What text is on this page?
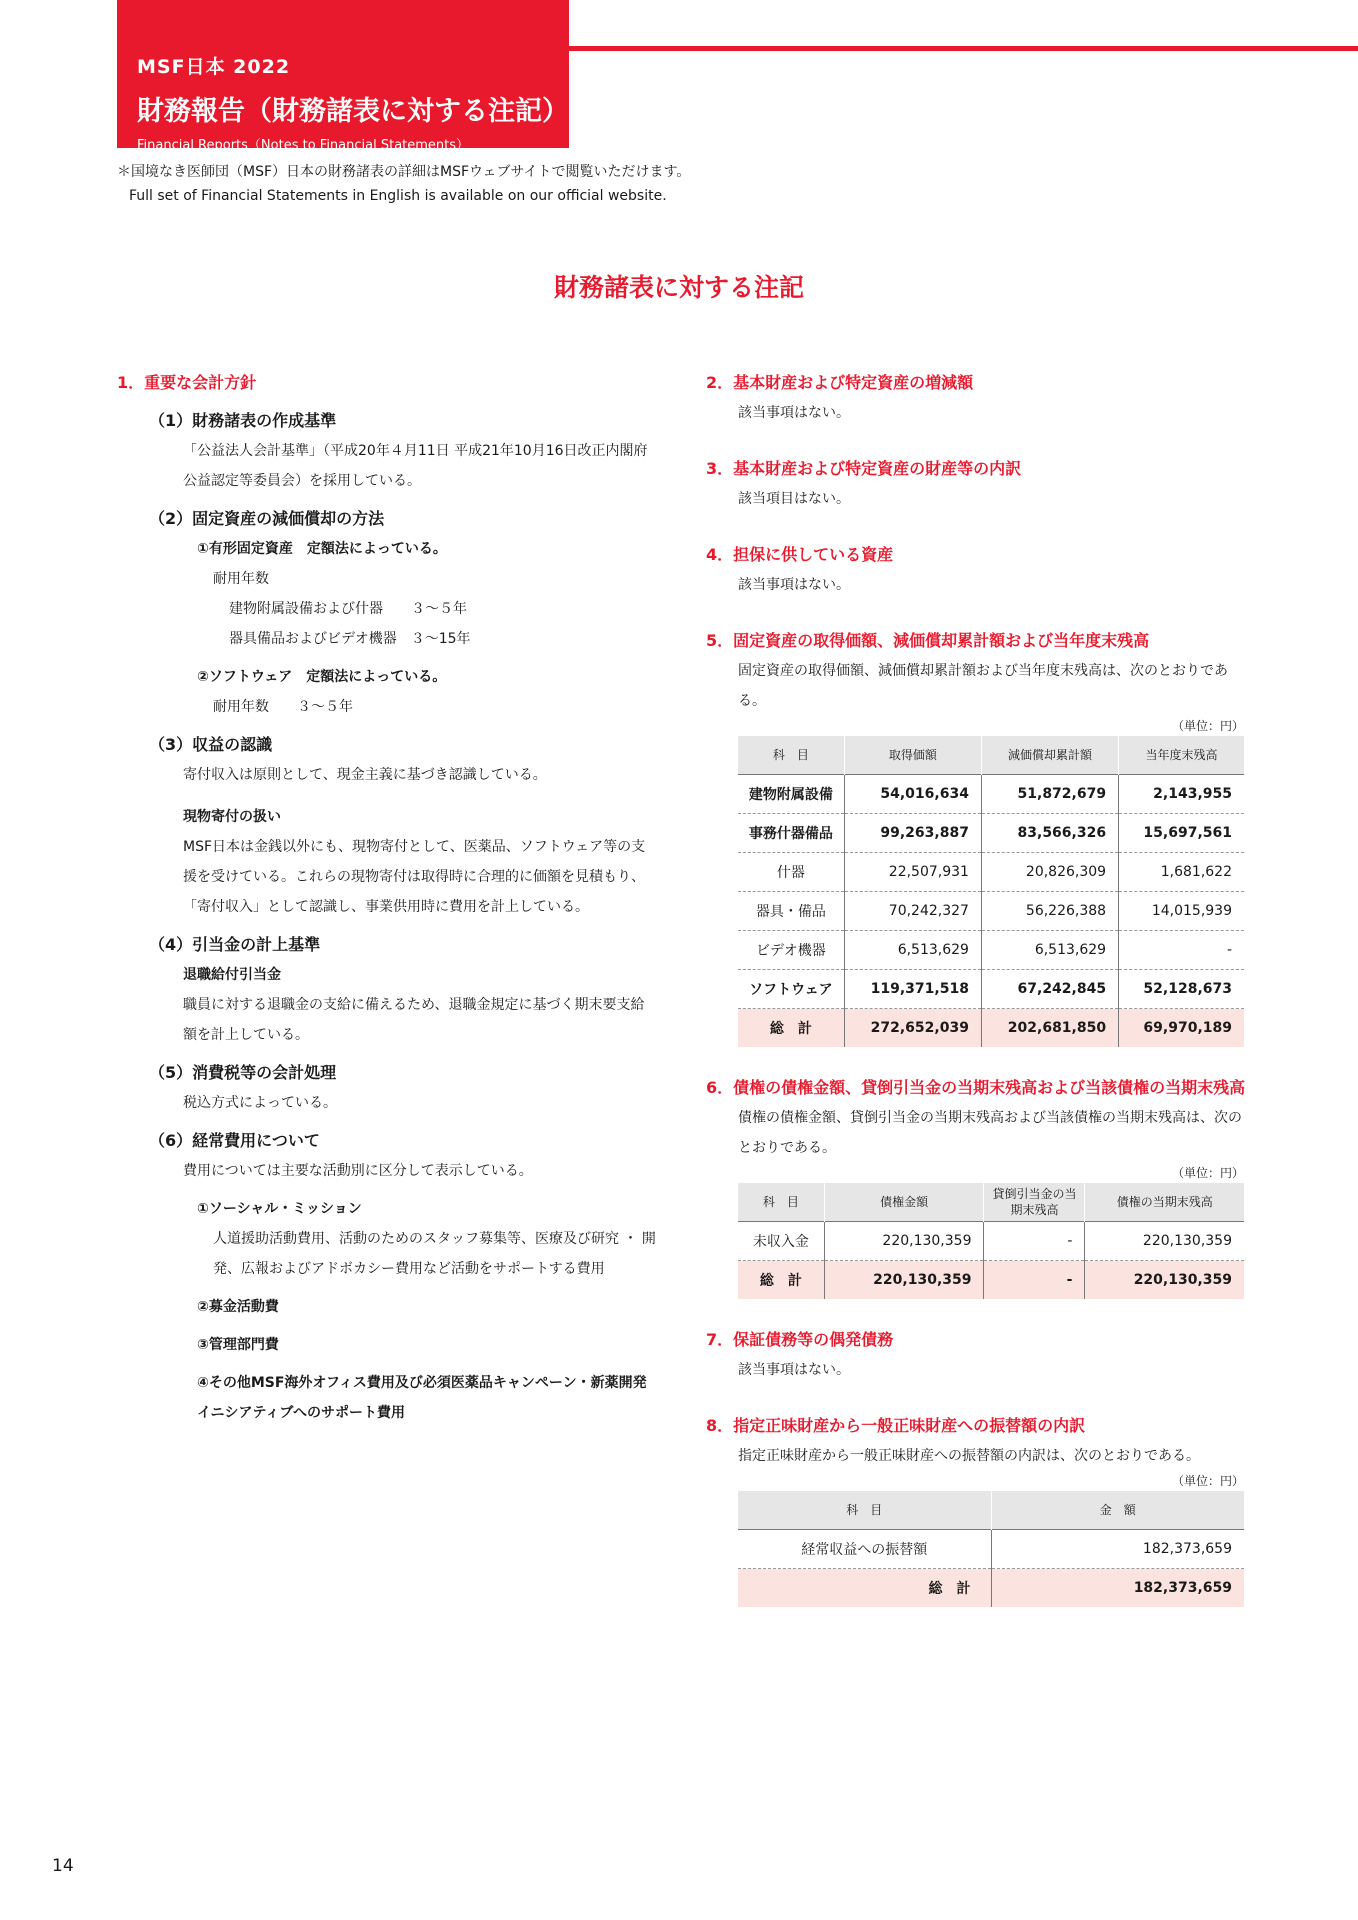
MSF日本 2022
財務報告（財務諸表に対する注記）
Financial Reports（Notes to Financial Statements）
＊国境なき医師団（MSF）日本の財務諸表の詳細はMSFウェブサイトで閲覧いただけます。
Full set of Financial Statements in English is available on our official website.
財務諸表に対する注記
1．重要な会計方針
（1）財務諸表の作成基準
「公益法人会計基準」（平成20年４月11日 平成21年10月16日改正内閣府公益認定等委員会）を採用している。
（2）固定資産の減価償却の方法
①有形固定資産　定額法によっている。
耐用年数
建物附属設備および什器　　３～５年
器具備品およびビデオ機器　３～15年
②ソフトウェア　定額法によっている。
耐用年数　　３～５年
（3）収益の認識
寄付収入は原則として、現金主義に基づき認識している。
現物寄付の扱い
MSF日本は金銭以外にも、現物寄付として、医薬品、ソフトウェア等の支援を受けている。これらの現物寄付は取得時に合理的に価額を見積もり、「寄付収入」として認識し、事業供用時に費用を計上している。
（4）引当金の計上基準
退職給付引当金
職員に対する退職金の支給に備えるため、退職金規定に基づく期末要支給額を計上している。
（5）消費税等の会計処理
税込方式によっている。
（6）経常費用について
費用については主要な活動別に区分して表示している。
①ソーシャル・ミッション
人道援助活動費用、活動のためのスタッフ募集等、医療及び研究 ・ 開発、広報およびアドボカシー費用など活動をサポートする費用
②募金活動費
③管理部門費
④その他MSF海外オフィス費用及び必須医薬品キャンペーン・新薬開発イニシアティブへのサポート費用
2．基本財産および特定資産の増減額
該当事項はない。
3．基本財産および特定資産の財産等の内訳
該当項目はない。
4．担保に供している資産
該当事項はない。
5．固定資産の取得価額、減価償却累計額および当年度末残高
固定資産の取得価額、減価償却累計額および当年度末残高は、次のとおりである。
（単位：円）
科　目	取得価額	減価償却累計額	当年度末残高
建物附属設備	54,016,634	51,872,679	2,143,955
事務什器備品	99,263,887	83,566,326	15,697,561
什器	22,507,931	20,826,309	1,681,622
器具・備品	70,242,327	56,226,388	14,015,939
ビデオ機器	6,513,629	6,513,629	-
ソフトウェア	119,371,518	67,242,845	52,128,673
総　計	272,652,039	202,681,850	69,970,189
6．債権の債権金額、貸倒引当金の当期末残高および当該債権の当期末残高
債権の債権金額、貸倒引当金の当期末残高および当該債権の当期末残高は、次のとおりである。
（単位：円）
科　目	債権金額	貸倒引当金の当期末残高	債権の当期末残高
未収入金	220,130,359	-	220,130,359
総　計	220,130,359	-	220,130,359
7．保証債務等の偶発債務
該当事項はない。
8．指定正味財産から一般正味財産への振替額の内訳
指定正味財産から一般正味財産への振替額の内訳は、次のとおりである。
（単位：円）
科　目	金　額
経常収益への振替額	182,373,659
総　計	182,373,659
14
